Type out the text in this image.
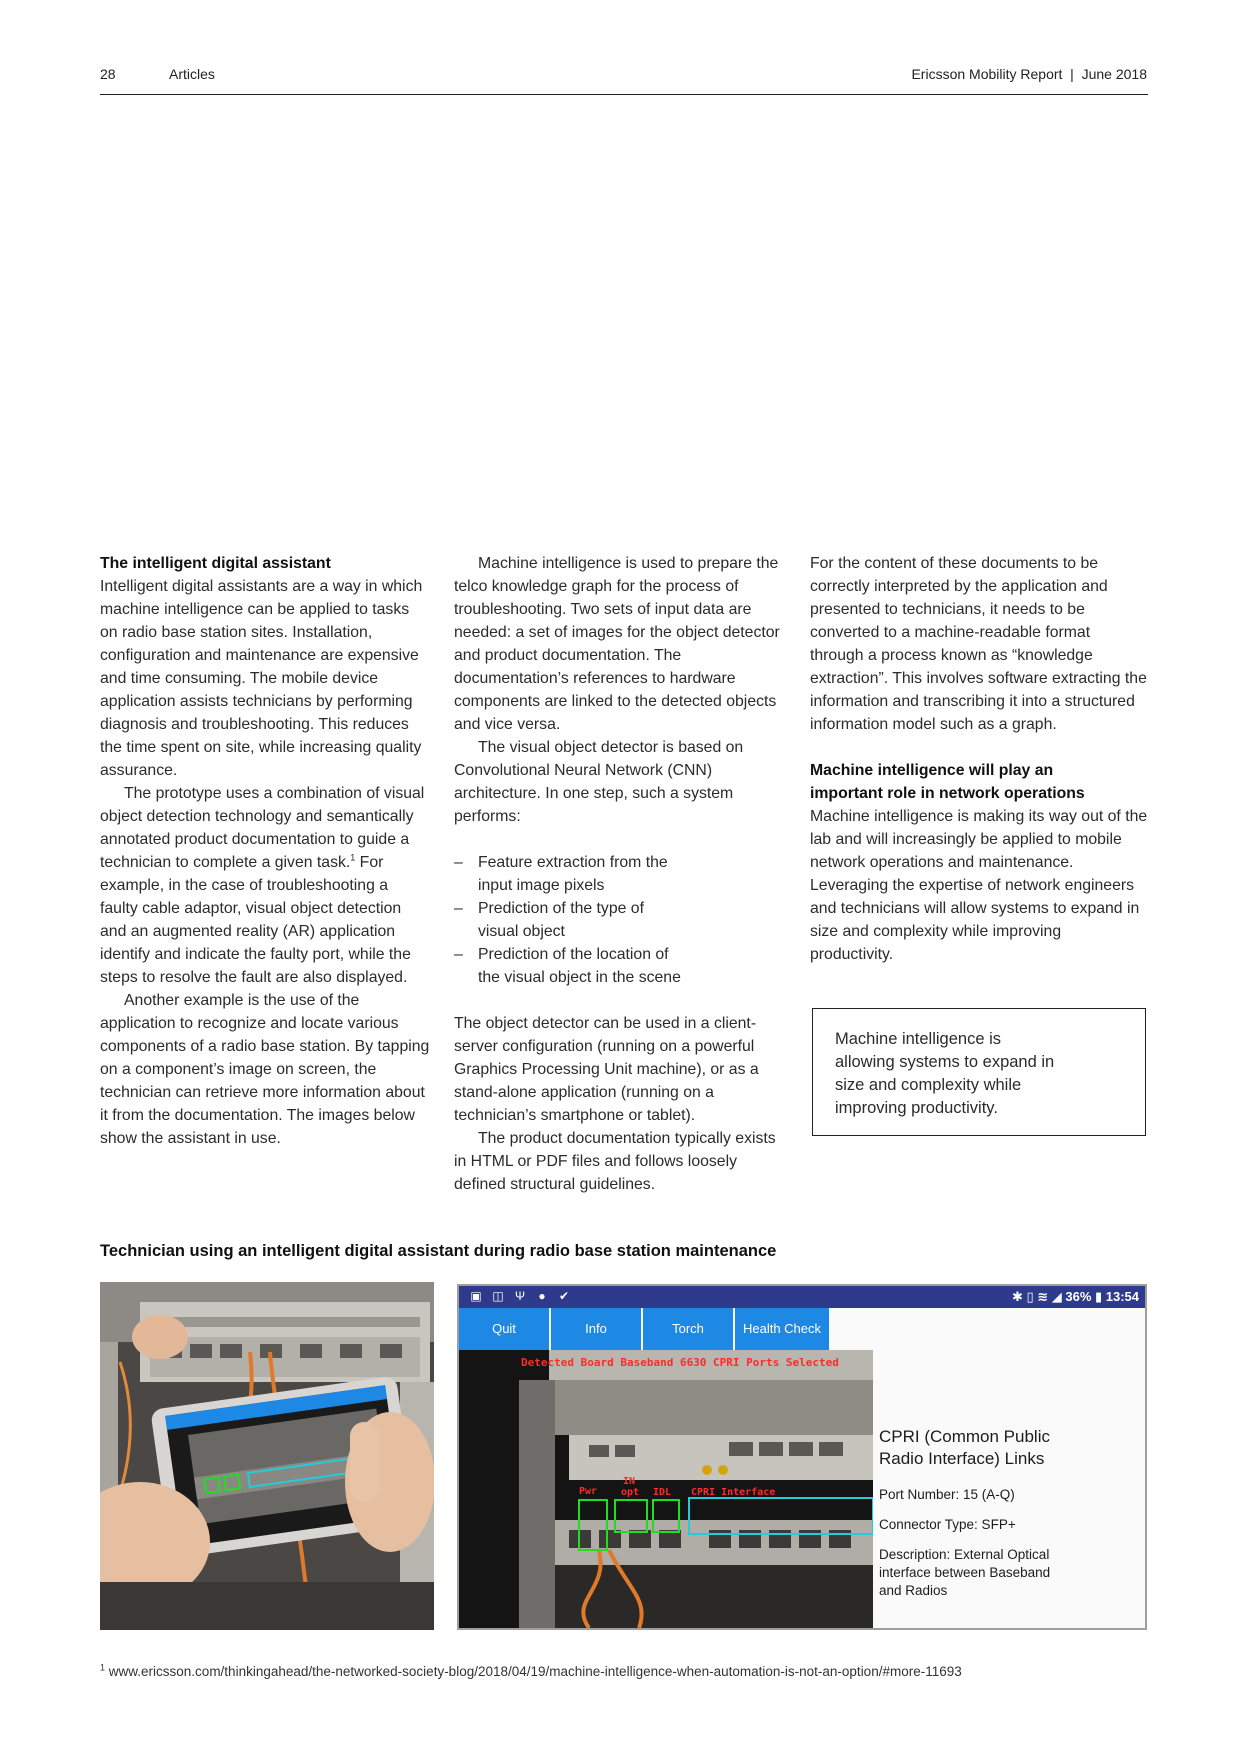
28	Articles	Ericsson Mobility Report  |  June 2018
The intelligent digital assistant

Intelligent digital assistants are a way in which machine intelligence can be applied to tasks on radio base station sites. Installation, configuration and maintenance are expensive and time consuming. The mobile device application assists technicians by performing diagnosis and troubleshooting. This reduces the time spent on site, while increasing quality assurance.

The prototype uses a combination of visual object detection technology and semantically annotated product documentation to guide a technician to complete a given task.$^1$ For example, in the case of troubleshooting a faulty cable adaptor, visual object detection and an augmented reality (AR) application identify and indicate the faulty port, while the steps to resolve the fault are also displayed.

Another example is the use of the application to recognize and locate various components of a radio base station. By tapping on a component’s image on screen, the technician can retrieve more information about it from the documentation. The images below show the assistant in use.

Machine intelligence is used to prepare the telco knowledge graph for the process of troubleshooting. Two sets of input data are needed: a set of images for the object detector and product documentation. The documentation’s references to hardware components are linked to the detected objects and vice versa.

The visual object detector is based on Convolutional Neural Network (CNN) architecture. In one step, such a system performs:

– Feature extraction from the input image pixels
– Prediction of the type of visual object
– Prediction of the location of the visual object in the scene

The object detector can be used in a client-server configuration (running on a powerful Graphics Processing Unit machine), or as a stand-alone application (running on a technician’s smartphone or tablet).

The product documentation typically exists in HTML or PDF files and follows loosely defined structural guidelines.

For the content of these documents to be correctly interpreted by the application and presented to technicians, it needs to be converted to a machine-readable format through a process known as “knowledge extraction”. This involves software extracting the information and transcribing it into a structured information model such as a graph.

Machine intelligence will play an important role in network operations

Machine intelligence is making its way out of the lab and will increasingly be applied to mobile network operations and maintenance. Leveraging the expertise of network engineers and technicians will allow systems to expand in size and complexity while improving productivity.

Machine intelligence is allowing systems to expand in size and complexity while improving productivity.
Technician using an intelligent digital assistant during radio base station maintenance
▣ ◫ Ψ ● ✔	✱ ▯ ≋ ◢ 36% ▮ 13:54
Quit	Info	Torch	Health Check
Detected Board Baseband 6630 CPRI Ports Selected
Pwr
IN
opt IDL CPRI Interface
CPRI (Common Public Radio Interface) Links
Port Number: 15 (A-Q)
Connector Type: SFP+
Description: External Optical interface between Baseband and Radios
$^1$ www.ericsson.com/thinkingahead/the-networked-society-blog/2018/04/19/machine-intelligence-when-automation-is-not-an-option/#more-11693
